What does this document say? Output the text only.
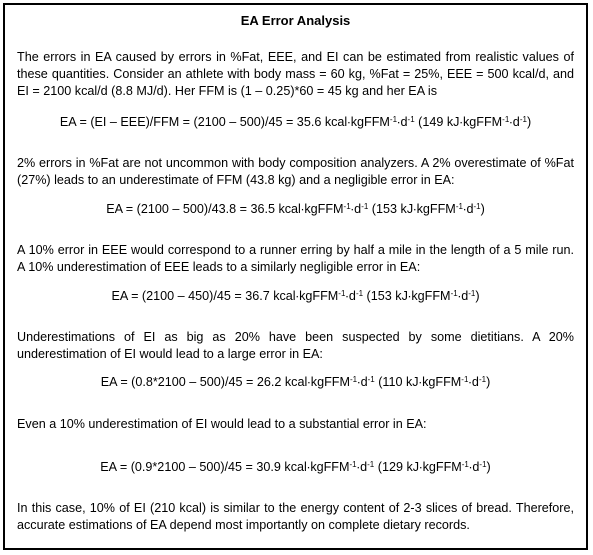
EA Error Analysis
The errors in EA caused by errors in %Fat, EEE, and EI can be estimated from realistic values of these quantities. Consider an athlete with body mass = 60 kg, %Fat = 25%, EEE = 500 kcal/d, and EI = 2100 kcal/d (8.8 MJ/d). Her FFM is (1 – 0.25)*60 = 45 kg and her EA is
EA = (EI – EEE)/FFM = (2100 – 500)/45 = 35.6 $kcal\cdot kgFFM^{-1}\cdot d^{-1}$ (149 $kJ\cdot kgFFM^{-1}\cdot d^{-1}$)
2% errors in %Fat are not uncommon with body composition analyzers. A 2% overestimate of %Fat (27%) leads to an underestimate of FFM (43.8 kg) and a negligible error in EA:
EA = (2100 – 500)/43.8 = 36.5 $kcal\cdot kgFFM^{-1}\cdot d^{-1}$ (153 $kJ\cdot kgFFM^{-1}\cdot d^{-1}$)
A 10% error in EEE would correspond to a runner erring by half a mile in the length of a 5 mile run. A 10% underestimation of EEE leads to a similarly negligible error in EA:
EA = (2100 – 450)/45 = 36.7 $kcal\cdot kgFFM^{-1}\cdot d^{-1}$ (153 $kJ\cdot kgFFM^{-1}\cdot d^{-1}$)
Underestimations of EI as big as 20% have been suspected by some dietitians. A 20% underestimation of EI would lead to a large error in EA:
EA = (0.8*2100 – 500)/45 = 26.2 $kcal\cdot kgFFM^{-1}\cdot d^{-1}$ (110 $kJ\cdot kgFFM^{-1}\cdot d^{-1}$)
Even a 10% underestimation of EI would lead to a substantial error in EA:
EA = (0.9*2100 – 500)/45 = 30.9 $kcal\cdot kgFFM^{-1}\cdot d^{-1}$ (129 $kJ\cdot kgFFM^{-1}\cdot d^{-1}$)
In this case, 10% of EI (210 kcal) is similar to the energy content of 2-3 slices of bread. Therefore, accurate estimations of EA depend most importantly on complete dietary records.
